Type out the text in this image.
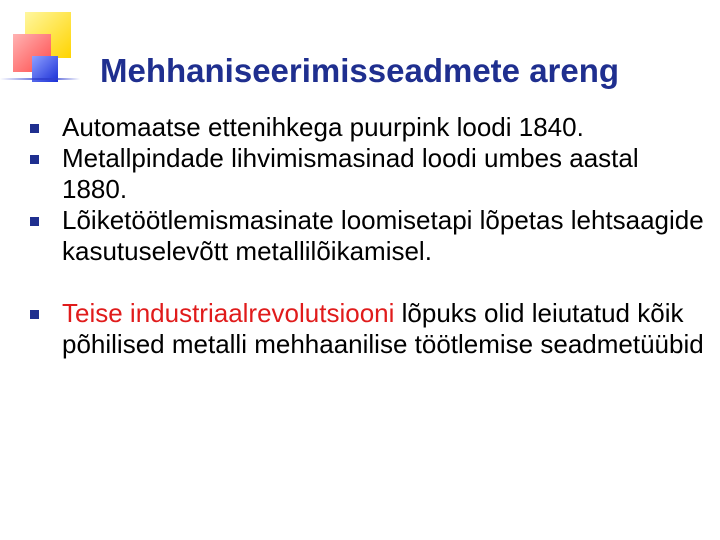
Mehhaniseerimisseadmete areng
Automaatse ettenihkega puurpink loodi 1840.
Metallpindade lihvimismasinad loodi umbes aastal 1880.
Lõiketöötlemismasinate loomisetapi lõpetas lehtsaagide kasutuselevõtt metallilõikamisel.
Teise industriaalrevolutsiooni lõpuks olid leiutatud kõik põhilised metalli mehhaanilise töötlemise seadmetüübid
